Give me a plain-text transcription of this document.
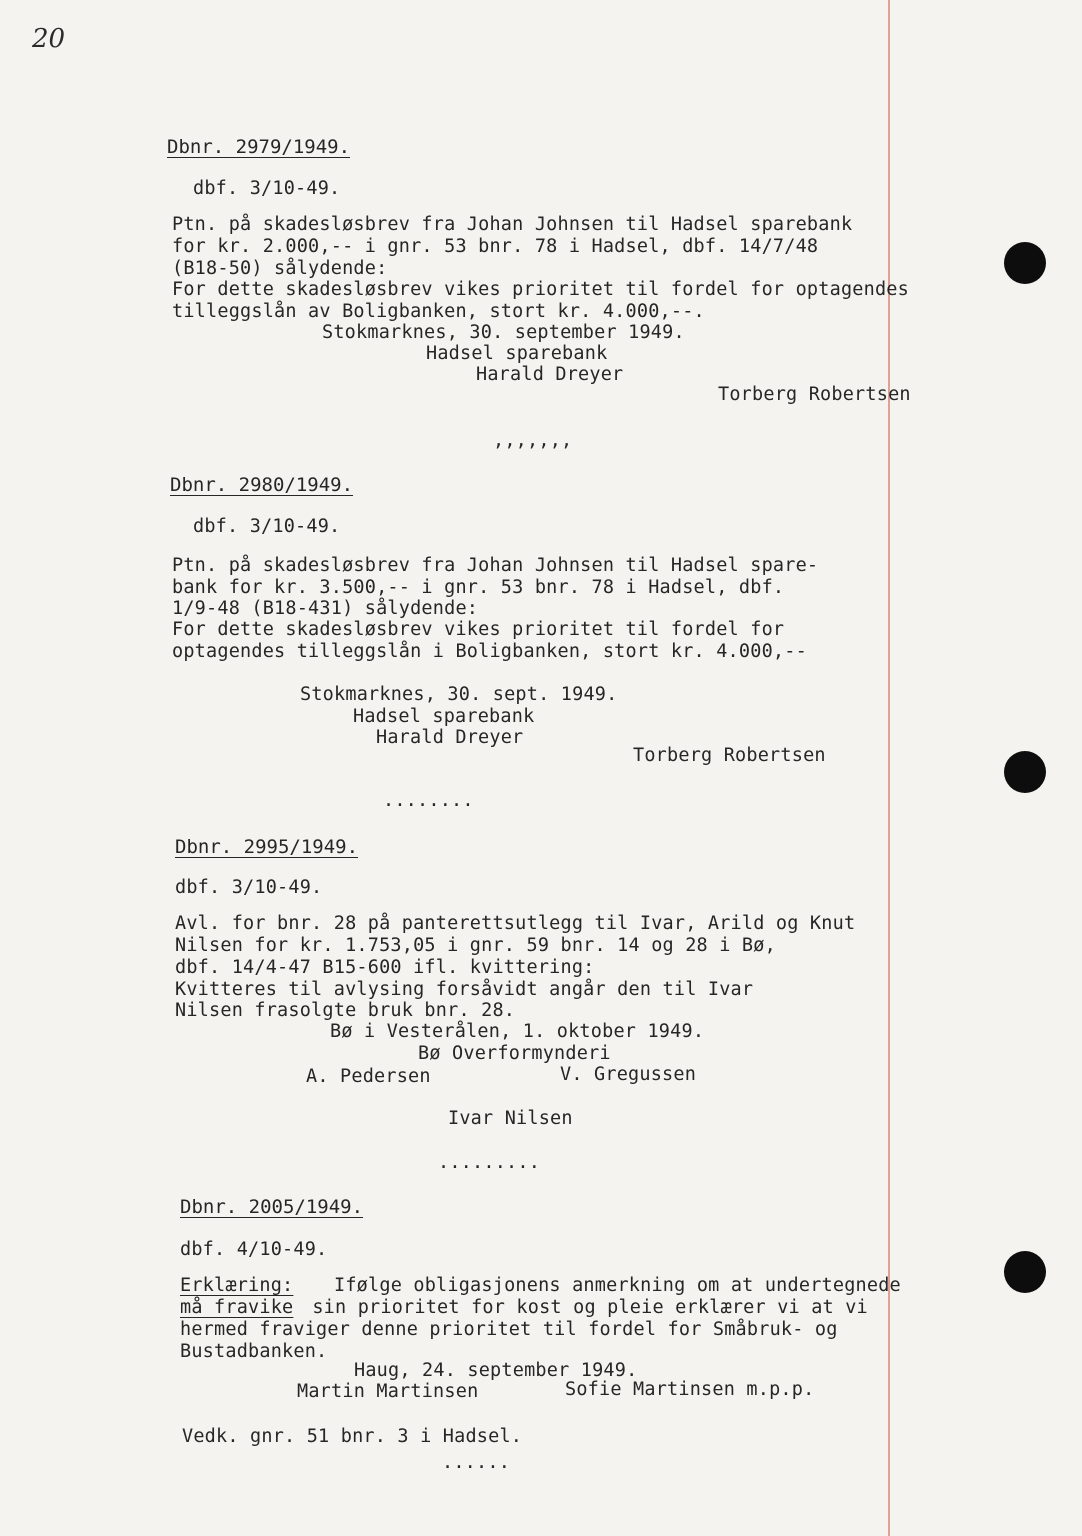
20
Dbnr. 2979/1949.
dbf. 3/10-49.
Ptn. på skadesløsbrev fra Johan Johnsen til Hadsel sparebank
for kr. 2.000,-- i gnr. 53 bnr. 78 i Hadsel, dbf. 14/7/48
(B18-50) sålydende:
For dette skadesløsbrev vikes prioritet til fordel for optagendes
tilleggslån av Boligbanken, stort kr. 4.000,--.
Stokmarknes, 30. september 1949.
Hadsel sparebank
Harald Dreyer
Torberg Robertsen
,,,,,,,
Dbnr. 2980/1949.
dbf. 3/10-49.
Ptn. på skadesløsbrev fra Johan Johnsen til Hadsel spare-
bank for kr. 3.500,-- i gnr. 53 bnr. 78 i Hadsel, dbf.
1/9-48 (B18-431) sålydende:
For dette skadesløsbrev vikes prioritet til fordel for
optagendes tilleggslån i Boligbanken, stort kr. 4.000,--
Stokmarknes, 30. sept. 1949.
Hadsel sparebank
Harald Dreyer
Torberg Robertsen
........
Dbnr. 2995/1949.
dbf. 3/10-49.
Avl. for bnr. 28 på panterettsutlegg til Ivar, Arild og Knut
Nilsen for kr. 1.753,05 i gnr. 59 bnr. 14 og 28 i Bø,
dbf. 14/4-47 B15-600 ifl. kvittering:
Kvitteres til avlysing forsåvidt angår den til Ivar
Nilsen frasolgte bruk bnr. 28.
Bø i Vesterålen, 1. oktober 1949.
Bø Overformynderi
A. Pedersen	V. Gregussen
Ivar Nilsen
.........
Dbnr. 2005/1949.
dbf. 4/10-49.
Erklæring: Ifølge obligasjonens anmerkning om at undertegnede
må fravike sin prioritet for kost og pleie erklærer vi at vi
hermed fraviger denne prioritet til fordel for Småbruk- og
Bustadbanken.
Haug, 24. september 1949.
Martin Martinsen	Sofie Martinsen m.p.p.
Vedk. gnr. 51 bnr. 3 i Hadsel.
......
